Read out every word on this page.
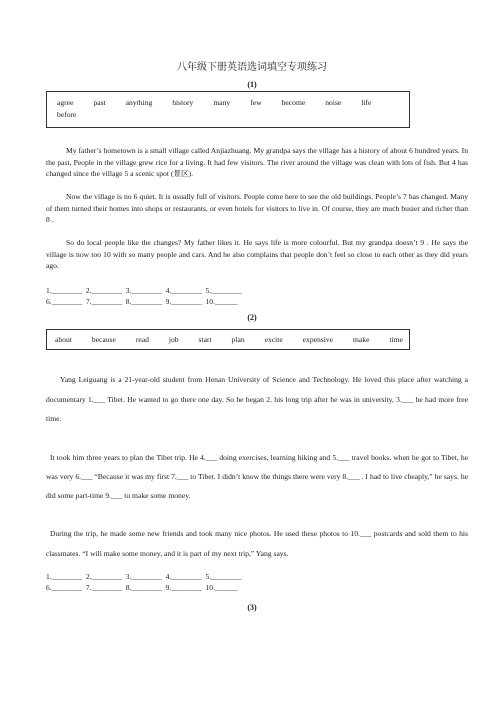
八年级下册英语选词填空专项练习
(1)
agree	past	anything	history	many	few	become	noise	life
before
My father’s hometown is a small village called Anjiazhuang. My grandpa says the village has a history of about 6 hundred years. In the past, People in the village grew rice for a living. It had few visitors. The river around the village was clean with lots of fish. But 4 has changed since the village 5 a scenic spot (景区).
Now the village is no 6 quiet. It is usually full of visitors. People come here to see the old buildings. People’s 7 has changed. Many of them turned their homes into shops or restaurants, or even hotels for visitors to live in. Of course, they are much busier and richer than 8 .
So do local people like the changes? My father likes it. He says life is more colourful. But my grandpa doesn’t 9 . He says the village is now too 10 with so many people and cars. And he also complains that people don’t feel so close to each other as they did years ago.
1.________  2.________  3.________  4.________  5.________
6.________  7.________  8.________  9.________  10.______
(2)
about	because	read	job	start	plan	excite	expensive	make	time
Yang Leiguang is a 21-year-old student from Henan University of Science and Technology. He loved this place after watching a documentary 1.___ Tibet. He wanted to go there one day. So he began 2. his long trip after he was in university, 3.___ he had more free time.
It took him three years to plan the Tibet trip. He 4.___ doing exercises, learning hiking and 5.___ travel books. when he got to Tibet, he was very 6.___ “Because it was my first 7.___ to Tibet. I didn’t know the things there were very 8.___ . I had to live cheaply,” he says. he did some part-time 9.___ to make some money.
During the trip, he made some new friends and took many nice photos. He used these photos to 10.___ postcards and sold them to his classmates. “I will make some money, and it is part of my next trip,” Yang says.
1.________  2.________  3.________  4.________  5.________
6.________  7.________  8.________  9.________  10.______
(3)
